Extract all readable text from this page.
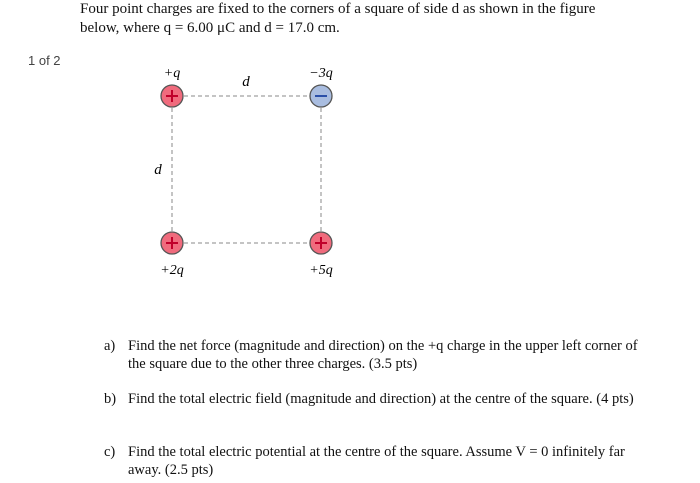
Four point charges are fixed to the corners of a square of side d as shown in the figure
below, where q = 6.00 μC and d = 17.0 cm.
1 of 2
d
d
+q	−3q
+2q	+5q
a) Find the net force (magnitude and direction) on the +q charge in the upper left corner of the square due to the other three charges. (3.5 pts)
b) Find the total electric field (magnitude and direction) at the centre of the square. (4 pts)
c) Find the total electric potential at the centre of the square. Assume V = 0 infinitely far away. (2.5 pts)
